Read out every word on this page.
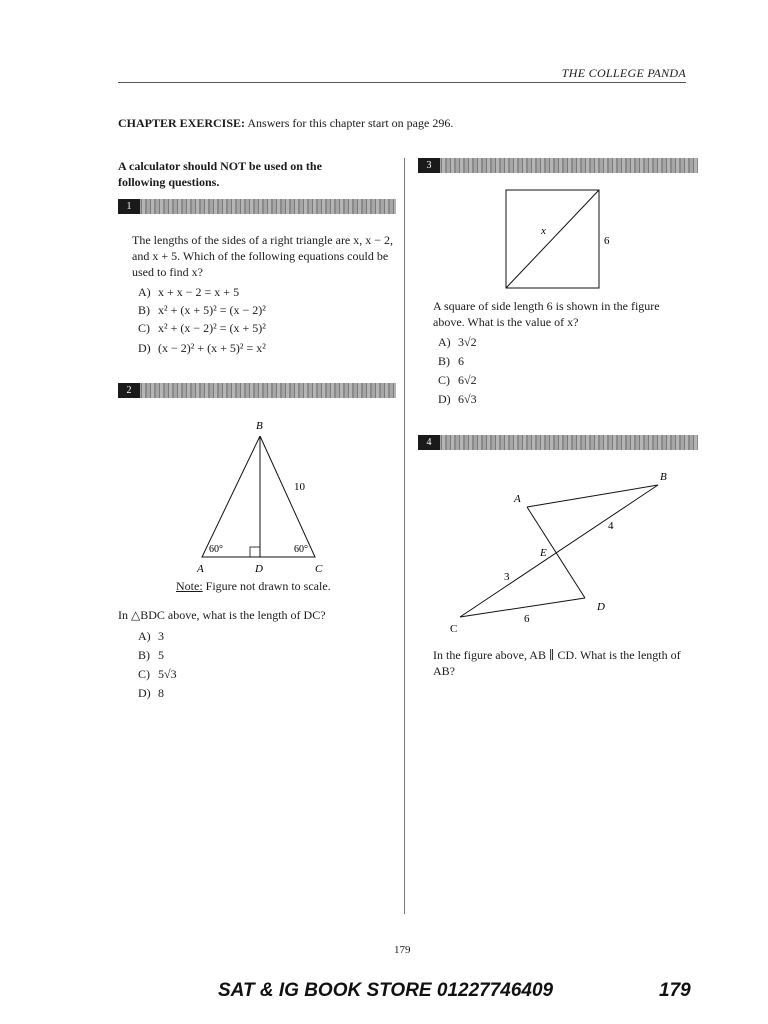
THE COLLEGE PANDA
CHAPTER EXERCISE: Answers for this chapter start on page 296.
A calculator should NOT be used on the following questions.
1
The lengths of the sides of a right triangle are x, x − 2, and x + 5. Which of the following equations could be used to find x?
A) x + x − 2 = x + 5
B) x² + (x + 5)² = (x − 2)²
C) x² + (x − 2)² = (x + 5)²
D) (x − 2)² + (x + 5)² = x²
2
B
10
60°	60°
A	D	C
Note: Figure not drawn to scale.
In △BDC above, what is the length of DC?
A) 3
B) 5
C) 5√3
D) 8
3
x
6
A square of side length 6 is shown in the figure above. What is the value of x?
A) 3√2
B) 6
C) 6√2
D) 6√3
4
B
A
E
D
C
4
3
6
In the figure above, AB ∥ CD. What is the length of AB?
179
SAT & IG BOOK STORE 01227746409	179
